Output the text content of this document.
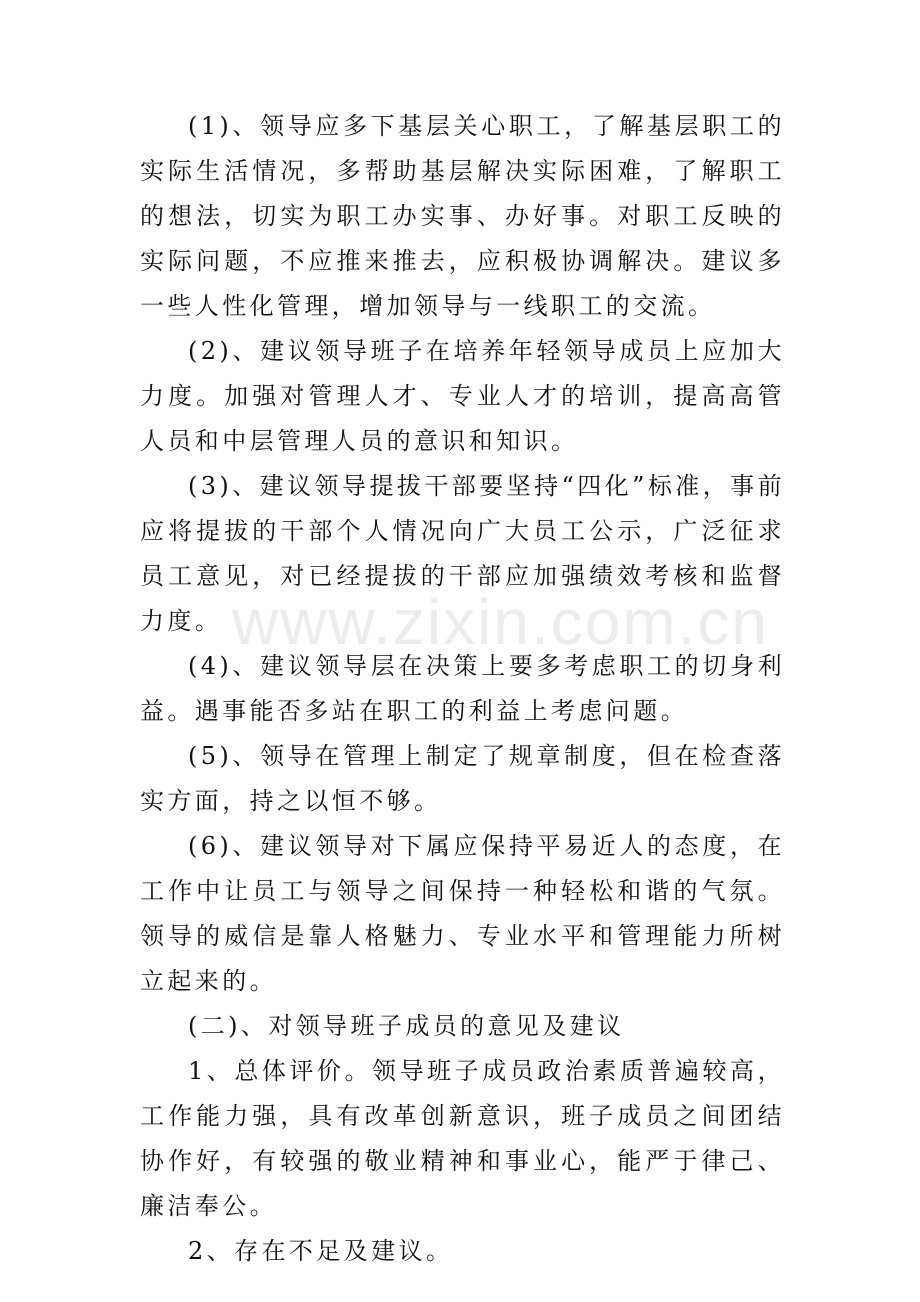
(1)、领导应多下基层关心职工，了解基层职工的实际生活情况，多帮助基层解决实际困难，了解职工的想法，切实为职工办实事、办好事。对职工反映的实际问题，不应推来推去，应积极协调解决。建议多一些人性化管理，增加领导与一线职工的交流。

(2)、建议领导班子在培养年轻领导成员上应加大力度。加强对管理人才、专业人才的培训，提高高管人员和中层管理人员的意识和知识。

(3)、建议领导提拔干部要坚持“四化”标准，事前应将提拔的干部个人情况向广大员工公示，广泛征求员工意见，对已经提拔的干部应加强绩效考核和监督力度。

(4)、建议领导层在决策上要多考虑职工的切身利益。遇事能否多站在职工的利益上考虑问题。

(5)、领导在管理上制定了规章制度，但在检查落实方面，持之以恒不够。

(6)、建议领导对下属应保持平易近人的态度，在工作中让员工与领导之间保持一种轻松和谐的气氛。领导的威信是靠人格魅力、专业水平和管理能力所树立起来的。

(二)、对领导班子成员的意见及建议

1、总体评价。领导班子成员政治素质普遍较高，工作能力强，具有改革创新意识，班子成员之间团结协作好，有较强的敬业精神和事业心，能严于律己、廉洁奉公。

2、存在不足及建议。

www.zixin.com.cn
